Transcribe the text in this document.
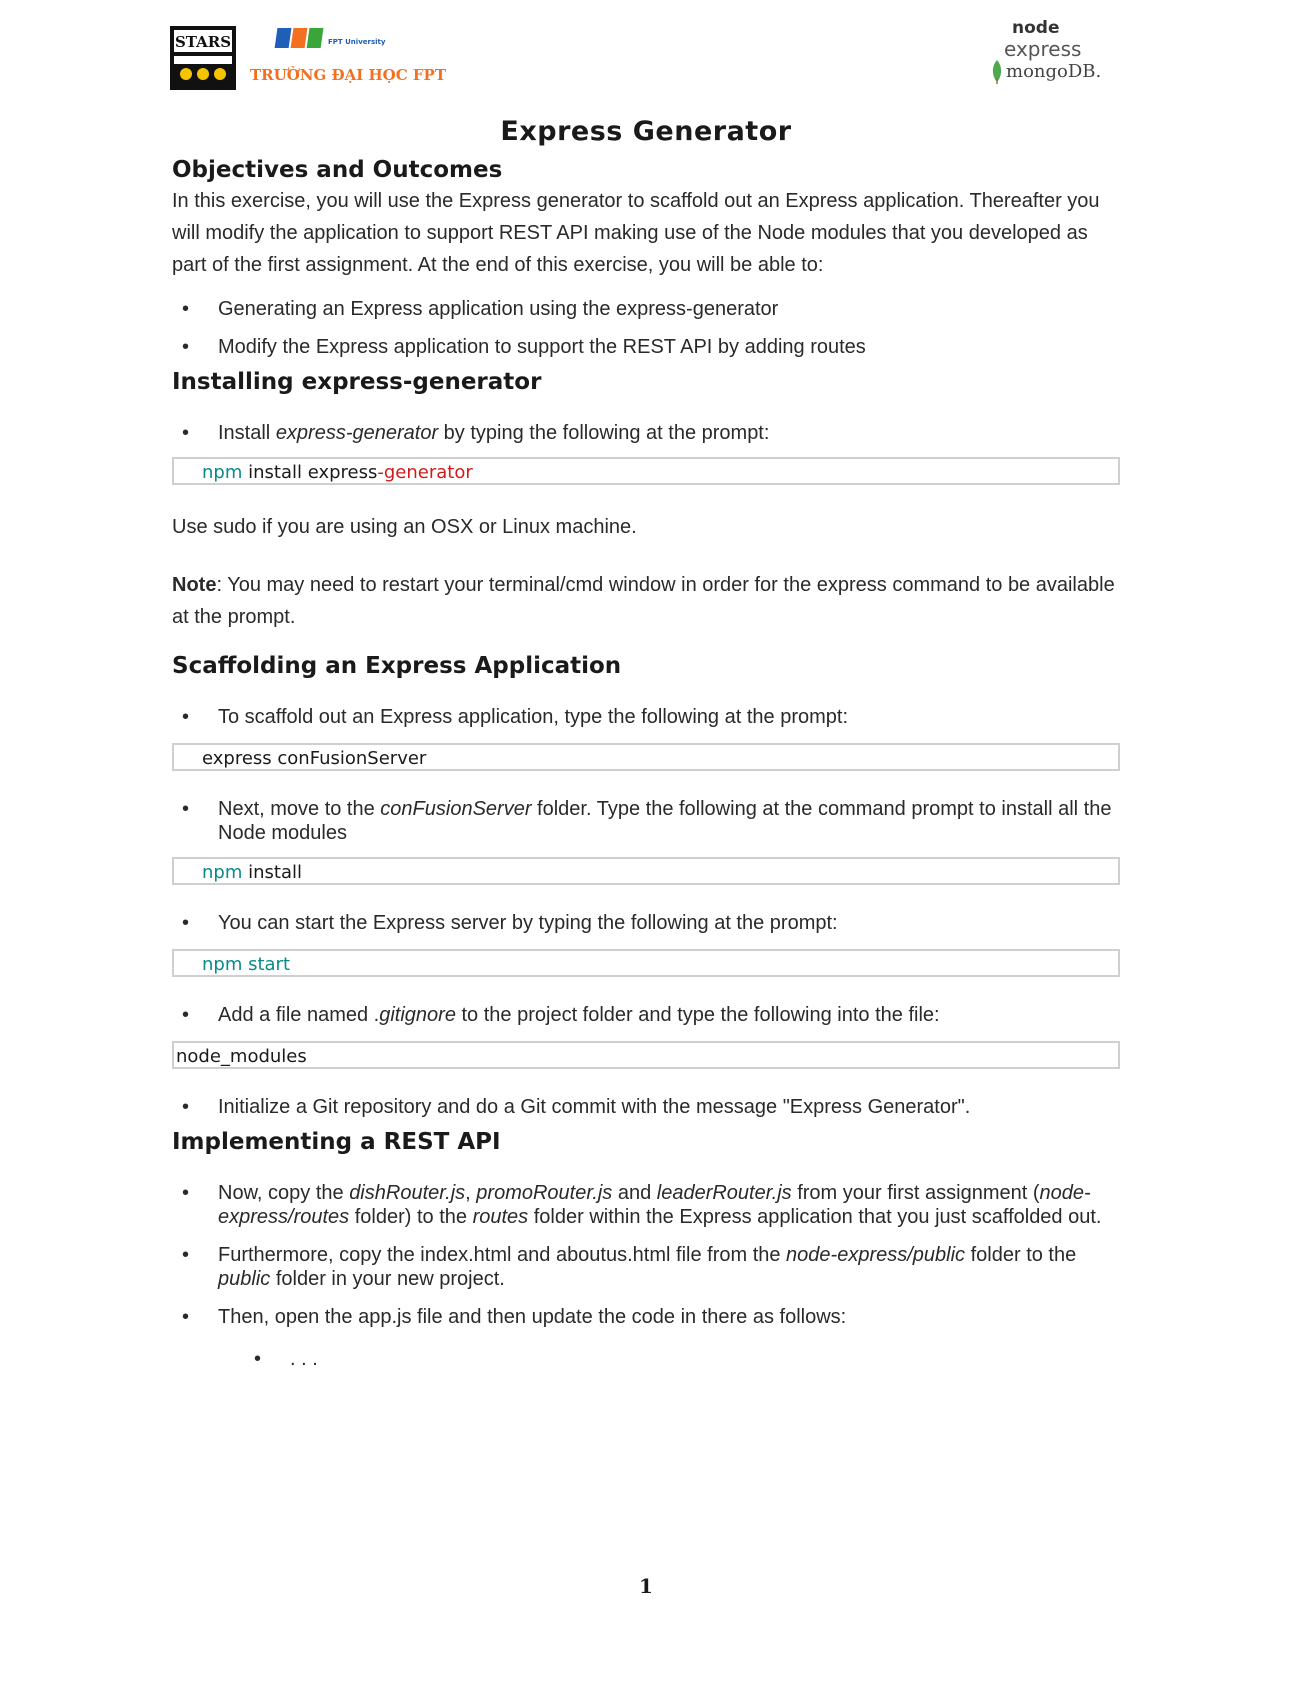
STARS	FPT University
TRƯỜNG ĐẠI HỌC FPT
node
express
mongoDB.
Express Generator
Objectives and Outcomes

In this exercise, you will use the Express generator to scaffold out an Express application. Thereafter you will modify the application to support REST API making use of the Node modules that you developed as part of the first assignment. At the end of this exercise, you will be able to:

• Generating an Express application using the express-generator
• Modify the Express application to support the REST API by adding routes
Installing express-generator
• Install express-generator by typing the following at the prompt:
npm install express-generator

Use sudo if you are using an OSX or Linux machine.

Note: You may need to restart your terminal/cmd window in order for the express command to be available at the prompt.

Scaffolding an Express Application
• To scaffold out an Express application, type the following at the prompt:
express conFusionServer
• Next, move to the conFusionServer folder. Type the following at the command prompt to install all the Node modules
npm install
• You can start the Express server by typing the following at the prompt:
npm start
• Add a file named .gitignore to the project folder and type the following into the file:
node_modules
• Initialize a Git repository and do a Git commit with the message "Express Generator".
Implementing a REST API
• Now, copy the dishRouter.js, promoRouter.js and leaderRouter.js from your first assignment (node-express/routes folder) to the routes folder within the Express application that you just scaffolded out.
• Furthermore, copy the index.html and aboutus.html file from the node-express/public folder to the public folder in your new project.
• Then, open the app.js file and then update the code in there as follows:
• . . .
1
